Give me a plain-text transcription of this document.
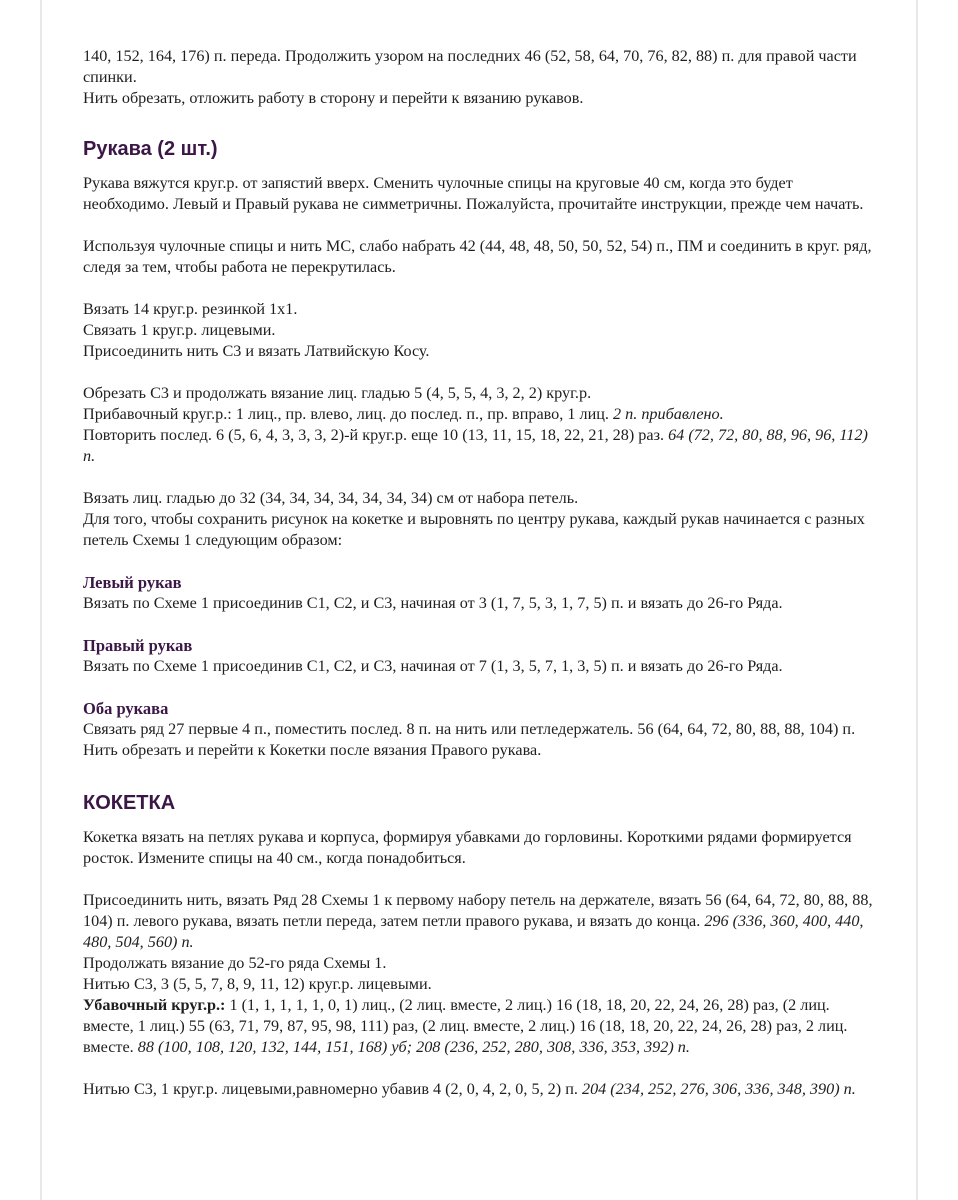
140, 152, 164, 176) п. переда. Продолжить узором на последних 46 (52, 58, 64, 70, 76, 82, 88) п. для правой части спинки.
Нить обрезать, отложить работу в сторону и перейти к вязанию рукавов.

Рукава (2 шт.)

Рукава вяжутся круг.р. от запястий вверх. Сменить чулочные спицы на круговые 40 см, когда это будет необходимо. Левый и Правый рукава не симметричны. Пожалуйста, прочитайте инструкции, прежде чем начать.

Используя чулочные спицы и нить МС, слабо набрать 42 (44, 48, 48, 50, 50, 52, 54) п., ПМ и соединить в круг. ряд, следя за тем, чтобы работа не перекрутилась.

Вязать 14 круг.р. резинкой 1х1.
Связать 1 круг.р. лицевыми.
Присоединить нить С3 и вязать Латвийскую Косу.

Обрезать С3 и продолжать вязание лиц. гладью 5 (4, 5, 5, 4, 3, 2, 2) круг.р.
Прибавочный круг.р.: 1 лиц., пр. влево, лиц. до послед. п., пр. вправо, 1 лиц. 2 п. прибавлено.
Повторить послед. 6 (5, 6, 4, 3, 3, 3, 2)-й круг.р. еще 10 (13, 11, 15, 18, 22, 21, 28) раз. 64 (72, 72, 80, 88, 96, 96, 112) п.

Вязать лиц. гладью до 32 (34, 34, 34, 34, 34, 34, 34) см от набора петель.
Для того, чтобы сохранить рисунок на кокетке и выровнять по центру рукава, каждый рукав начинается с разных петель Схемы 1 следующим образом:

Левый рукав

Вязать по Схеме 1 присоединив С1, С2, и С3, начиная от 3 (1, 7, 5, 3, 1, 7, 5) п. и вязать до 26-го Ряда.

Правый рукав

Вязать по Схеме 1 присоединив С1, С2, и С3, начиная от 7 (1, 3, 5, 7, 1, 3, 5) п. и вязать до 26-го Ряда.

Оба рукава

Связать ряд 27 первые 4 п., поместить послед. 8 п. на нить или петледержатель. 56 (64, 64, 72, 80, 88, 88, 104) п.
Нить обрезать и перейти к Кокетки после вязания Правого рукава.

КОКЕТКА

Кокетка вязать на петлях рукава и корпуса, формируя убавками до горловины. Короткими рядами формируется росток. Измените спицы на 40 см., когда понадобиться.

Присоединить нить, вязать Ряд 28 Схемы 1 к первому набору петель на держателе, вязать 56 (64, 64, 72, 80, 88, 88, 104) п. левого рукава, вязать петли переда, затем петли правого рукава, и вязать до конца. 296 (336, 360, 400, 440, 480, 504, 560) п.
Продолжать вязание до 52-го ряда Схемы 1.
Нитью С3, 3 (5, 5, 7, 8, 9, 11, 12) круг.р. лицевыми.
Убавочный круг.р.: 1 (1, 1, 1, 1, 1, 0, 1) лиц., (2 лиц. вместе, 2 лиц.) 16 (18, 18, 20, 22, 24, 26, 28) раз, (2 лиц. вместе, 1 лиц.) 55 (63, 71, 79, 87, 95, 98, 111) раз, (2 лиц. вместе, 2 лиц.) 16 (18, 18, 20, 22, 24, 26, 28) раз, 2 лиц. вместе. 88 (100, 108, 120, 132, 144, 151, 168) уб; 208 (236, 252, 280, 308, 336, 353, 392) п.

Нитью С3, 1 круг.р. лицевыми,равномерно убавив 4 (2, 0, 4, 2, 0, 5, 2) п. 204 (234, 252, 276, 306, 336, 348, 390) п.
